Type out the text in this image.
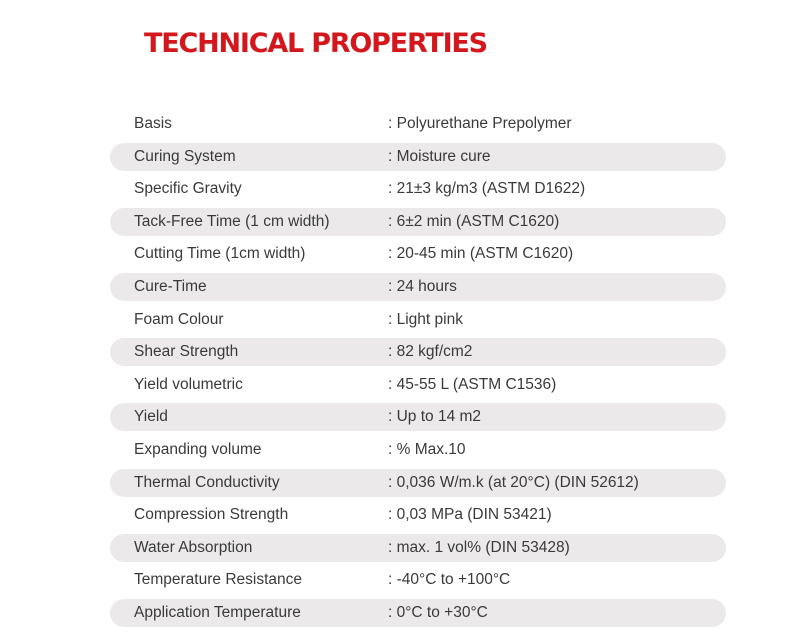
TECHNICAL PROPERTIES
Basis	: Polyurethane Prepolymer
Curing System	: Moisture cure
Specific Gravity	: 21±3 kg/m3 (ASTM D1622)
Tack-Free Time (1 cm width)	: 6±2 min (ASTM C1620)
Cutting Time (1cm width)	: 20-45 min (ASTM C1620)
Cure-Time	: 24 hours
Foam Colour	: Light pink
Shear Strength	: 82 kgf/cm2
Yield volumetric	: 45-55 L (ASTM C1536)
Yield	: Up to 14 m2
Expanding volume	: % Max.10
Thermal Conductivity	: 0,036 W/m.k (at 20°C) (DIN 52612)
Compression Strength	: 0,03 MPa (DIN 53421)
Water Absorption	: max. 1 vol% (DIN 53428)
Temperature Resistance	: -40°C to +100°C
Application Temperature	: 0°C to +30°C
